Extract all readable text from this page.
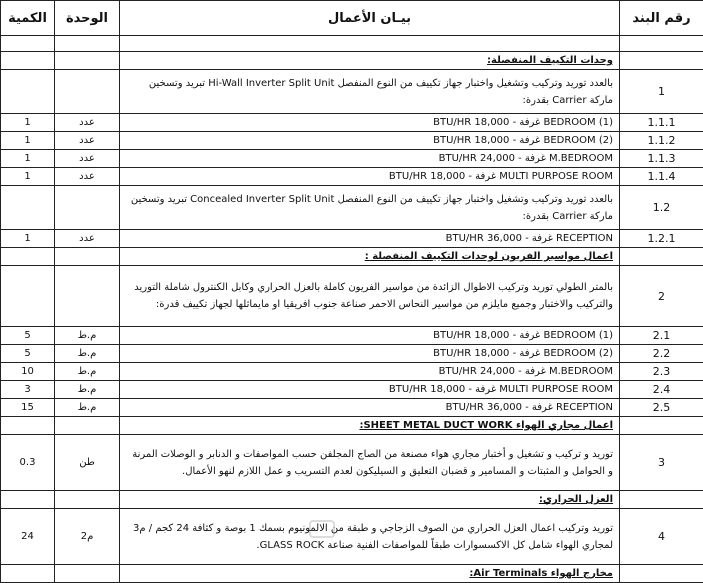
الكمية	الوحدة	بيـان الأعمال	رقم البند

		وحدات التكييف المنفصلة:	
		بالعدد توريد وتركيب وتشغيل واختبار جهاز تكييف من النوع المنفصل Hi-Wall Inverter Split Unit تبريد وتسخين ماركة Carrier بقدرة:	1
1	عدد	BEDROOM (1) غرفة - BTU/HR 18,000	1.1.1
1	عدد	BEDROOM (2) غرفة - BTU/HR 18,000	1.1.2
1	عدد	M.BEDROOM غرفة - BTU/HR 24,000	1.1.3
1	عدد	MULTI PURPOSE ROOM غرفة - BTU/HR 18,000	1.1.4
		بالعدد توريد وتركيب وتشغيل واختبار جهاز تكييف من النوع المنفصل Concealed Inverter Split Unit تبريد وتسخين ماركة Carrier بقدرة:	1.2
1	عدد	RECEPTION غرفة - BTU/HR 36,000	1.2.1
		اعمال مواسير الفريون لوحدات التكييف المنفصلة :	
		بالمتر الطولي توريد وتركيب الاطوال الزائدة من مواسير الفريون كاملة بالعزل الحراري وكابل الكنترول شاملة التوريد والتركيب والاختبار وجميع مايلزم من مواسير النحاس الاحمر صناعة جنوب افريقيا او مايماثلها لجهاز تكييف قدرة:	2
5	م.ط	BEDROOM (1) غرفة - BTU/HR 18,000	2.1
5	م.ط	BEDROOM (2) غرفة - BTU/HR 18,000	2.2
10	م.ط	M.BEDROOM غرفة - BTU/HR 24,000	2.3
3	م.ط	MULTI PURPOSE ROOM غرفة - BTU/HR 18,000	2.4
15	م.ط	RECEPTION غرفة - BTU/HR 36,000	2.5
		اعمال مجاري الهواء SHEET METAL DUCT WORK:	
0.3	طن	توريد و تركيب و تشغيل و أختبار مجاري هواء مصنعة من الصاج المجلفن حسب المواصفات و الدنابر و الوصلات المرنة و الحوامل و المثبتات و المسامير و قضبان التعليق و السيليكون لعدم التسريب و عمل اللازم لنهو الأعمال.	3
		العزل الحراري:	
24	م2	توريد وتركيب اعمال العزل الحراري من الصوف الزجاجي و طبقة من الالمونيوم بسمك 1 بوصة و كثافة 24 كجم / م3 لمجاري الهواء شامل كل الاكسسوارات طبقاً للمواصفات الفنية صناعة GLASS ROCK.	4
		مخارج الهواء Air Terminals:	
